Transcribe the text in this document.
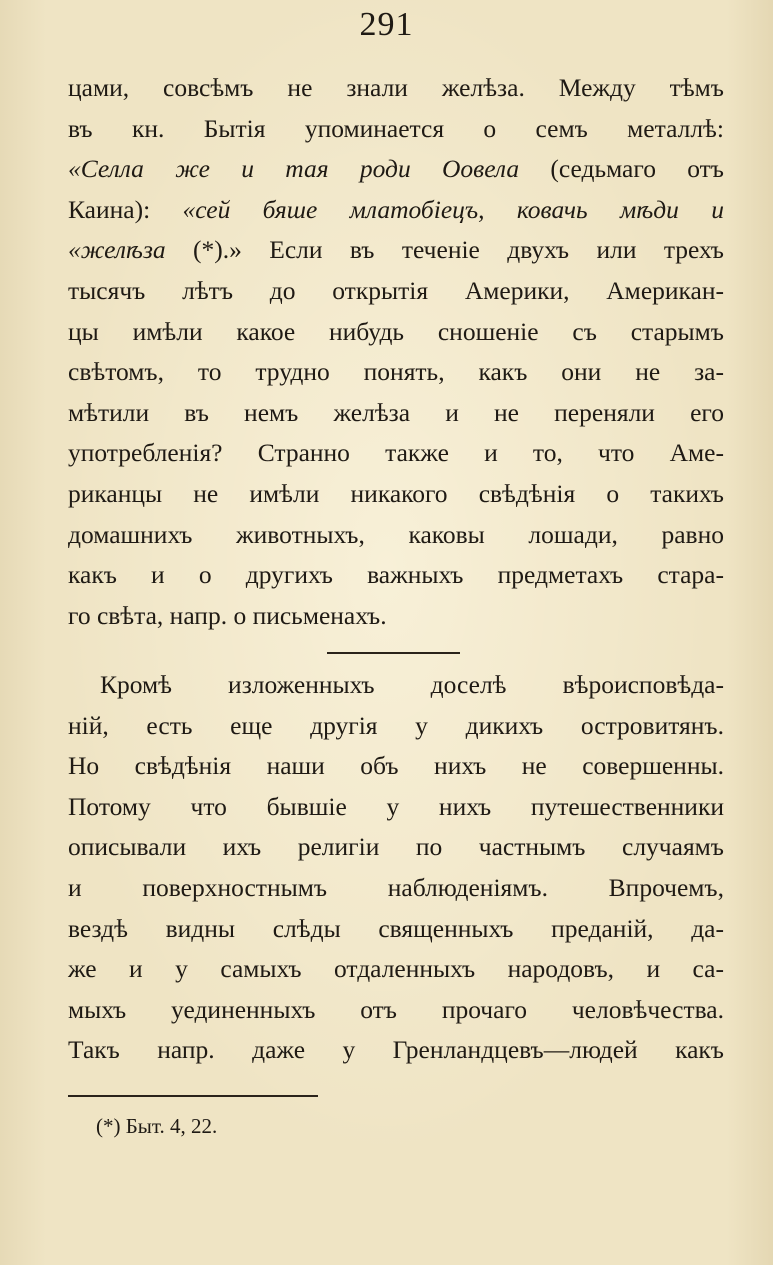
291
цами, совсѣмъ не знали желѣза. Между тѣмъ
въ кн. Бытія упоминается о семъ металлѣ:
«Селла же и тая роди Оовела (седьмаго отъ
Каина): «сей бяше млатобіецъ, ковачь мѣди и
«желѣза (*).» Если въ теченіе двухъ или трехъ
тысячъ лѣтъ до открытія Америки, Американ-
цы имѣли какое нибудь сношеніе съ старымъ
свѣтомъ, то трудно понять, какъ они не за-
мѣтили въ немъ желѣза и не переняли его
употребленія? Странно также и то, что Аме-
риканцы не имѣли никакого свѣдѣнія о такихъ
домашнихъ животныхъ, каковы лошади, равно
какъ и о другихъ важныхъ предметахъ стара-
го свѣта, напр. о письменахъ.
Кромѣ изложенныхъ доселѣ вѣроисповѣда-
ній, есть еще другія у дикихъ островитянъ.
Но свѣдѣнія наши объ нихъ не совершенны.
Потому что бывшіе у нихъ путешественники
описывали ихъ религіи по частнымъ случаямъ
и поверхностнымъ наблюденіямъ. Впрочемъ,
вездѣ видны слѣды священныхъ преданій, да-
же и у самыхъ отдаленныхъ народовъ, и са-
мыхъ уединенныхъ отъ прочаго человѣчества.
Такъ напр. даже у Гренландцевъ—людей какъ
(*) Быт. 4, 22.
